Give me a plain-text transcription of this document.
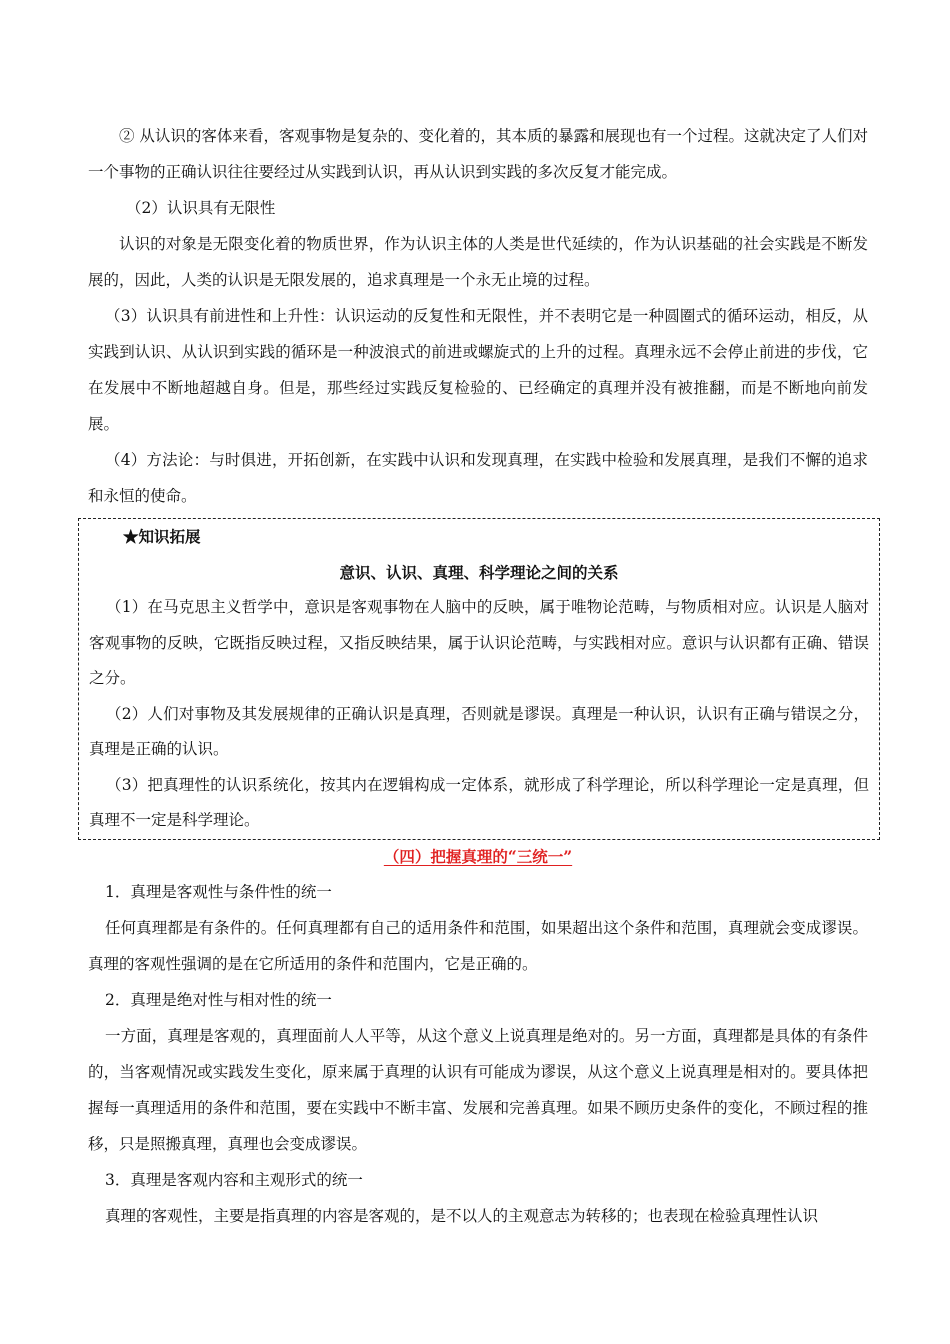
② 从认识的客体来看，客观事物是复杂的、变化着的，其本质的暴露和展现也有一个过程。这就决定了人们对一个事物的正确认识往往要经过从实践到认识，再从认识到实践的多次反复才能完成。

（2）认识具有无限性

认识的对象是无限变化着的物质世界，作为认识主体的人类是世代延续的，作为认识基础的社会实践是不断发展的，因此，人类的认识是无限发展的，追求真理是一个永无止境的过程。

（3）认识具有前进性和上升性：认识运动的反复性和无限性，并不表明它是一种圆圈式的循环运动，相反，从实践到认识、从认识到实践的循环是一种波浪式的前进或螺旋式的上升的过程。真理永远不会停止前进的步伐，它在发展中不断地超越自身。但是，那些经过实践反复检验的、已经确定的真理并没有被推翻，而是不断地向前发展。

（4）方法论：与时俱进，开拓创新，在实践中认识和发现真理，在实践中检验和发展真理，是我们不懈的追求和永恒的使命。

★知识拓展

意识、认识、真理、科学理论之间的关系

（1）在马克思主义哲学中，意识是客观事物在人脑中的反映，属于唯物论范畴，与物质相对应。认识是人脑对客观事物的反映，它既指反映过程，又指反映结果，属于认识论范畴，与实践相对应。意识与认识都有正确、错误之分。

（2）人们对事物及其发展规律的正确认识是真理，否则就是谬误。真理是一种认识，认识有正确与错误之分，真理是正确的认识。

（3）把真理性的认识系统化，按其内在逻辑构成一定体系，就形成了科学理论，所以科学理论一定是真理，但真理不一定是科学理论。

（四）把握真理的“三统一”

1．真理是客观性与条件性的统一

任何真理都是有条件的。任何真理都有自己的适用条件和范围，如果超出这个条件和范围，真理就会变成谬误。真理的客观性强调的是在它所适用的条件和范围内，它是正确的。

2．真理是绝对性与相对性的统一

一方面，真理是客观的，真理面前人人平等，从这个意义上说真理是绝对的。另一方面，真理都是具体的有条件的，当客观情况或实践发生变化，原来属于真理的认识有可能成为谬误，从这个意义上说真理是相对的。要具体把握每一真理适用的条件和范围，要在实践中不断丰富、发展和完善真理。如果不顾历史条件的变化，不顾过程的推移，只是照搬真理，真理也会变成谬误。

3．真理是客观内容和主观形式的统一

真理的客观性，主要是指真理的内容是客观的，是不以人的主观意志为转移的；也表现在检验真理性认识
